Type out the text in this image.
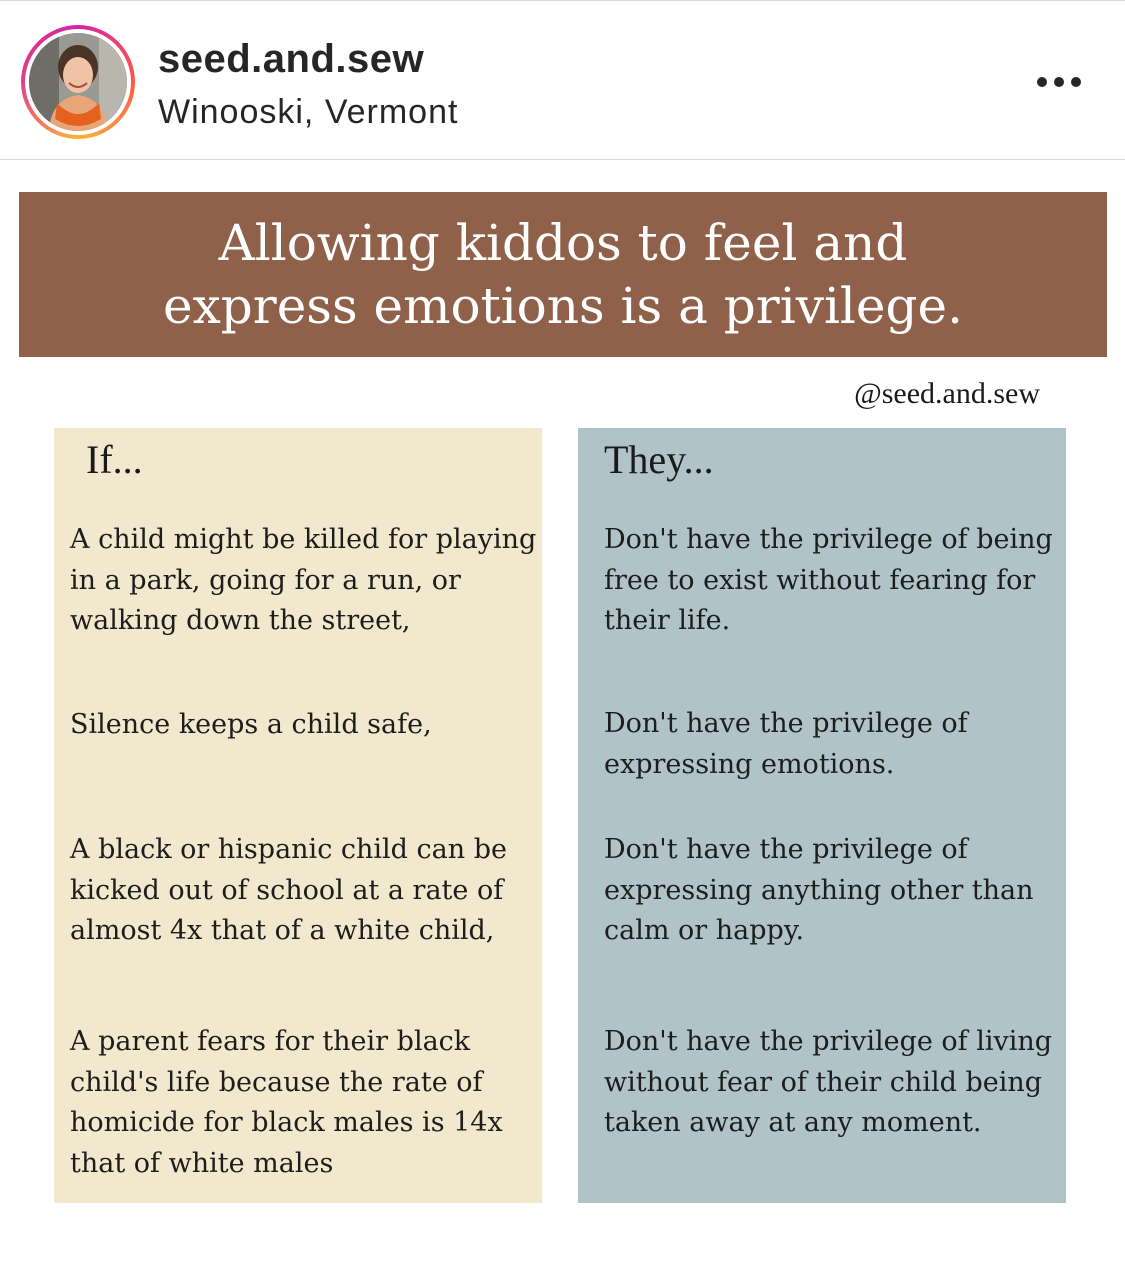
seed.and.sew
Winooski, Vermont
Allowing kiddos to feel and express emotions is a privilege.
@seed.and.sew
If...
A child might be killed for playing in a park, going for a run, or walking down the street,
Silence keeps a child safe,
A black or hispanic child can be kicked out of school at a rate of almost 4x that of a white child,
A parent fears for their black child's life because the rate of homicide for black males is 14x that of white males
They...
Don't have the privilege of being free to exist without fearing for their life.
Don't have the privilege of expressing emotions.
Don't have the privilege of expressing anything other than calm or happy.
Don't have the privilege of living without fear of their child being taken away at any moment.
